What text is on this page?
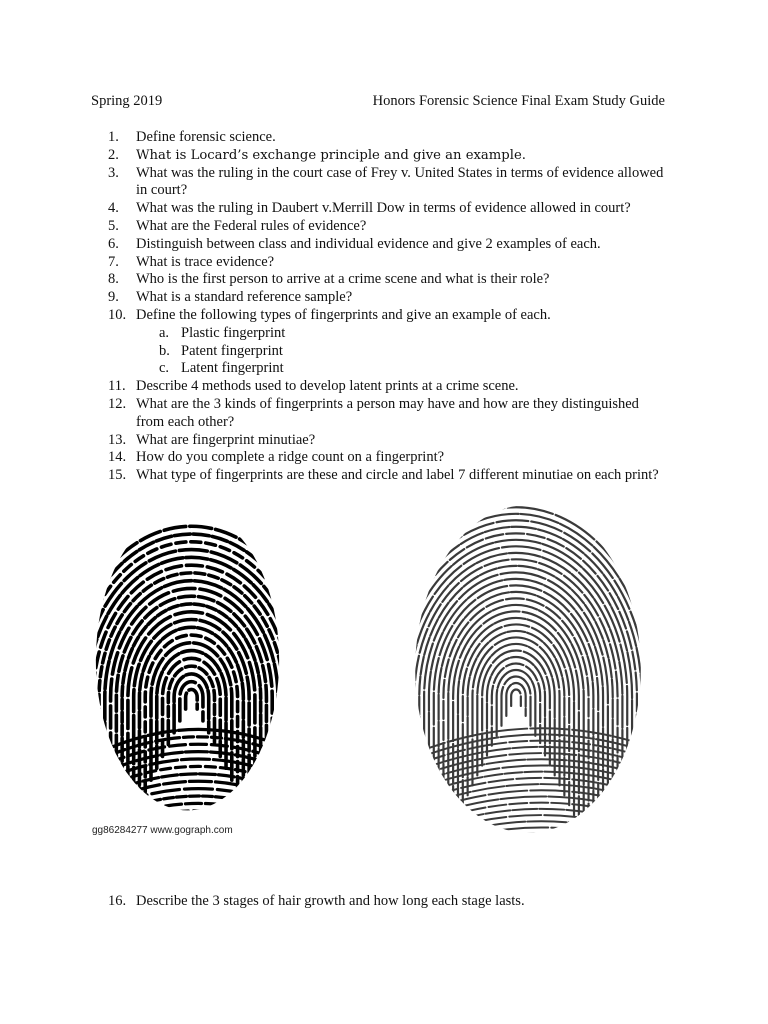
Spring 2019	Honors Forensic Science Final Exam Study Guide
1.	Define forensic science.
2.	What is Locard’s exchange principle and give an example.
3.	What was the ruling in the court case of Frey v. United States in terms of evidence allowed in court?
4.	What was the ruling in Daubert v.Merrill Dow in terms of evidence allowed in court?
5.	What are the Federal rules of evidence?
6.	Distinguish between class and individual evidence and give 2 examples of each.
7.	What is trace evidence?
8.	Who is the first person to arrive at a crime scene and what is their role?
9.	What is a standard reference sample?
10. Define the following types of fingerprints and give an example of each.
a. Plastic fingerprint
b. Patent fingerprint
c. Latent fingerprint
11. Describe 4 methods used to develop latent prints at a crime scene.
12. What are the 3 kinds of fingerprints a person may have and how are they distinguished from each other?
13. What are fingerprint minutiae?
14. How do you complete a ridge count on a fingerprint?
15. What type of fingerprints are these and circle and label 7 different minutiae on each print?
gg86284277 www.gograph.com
16. Describe the 3 stages of hair growth and how long each stage lasts.
